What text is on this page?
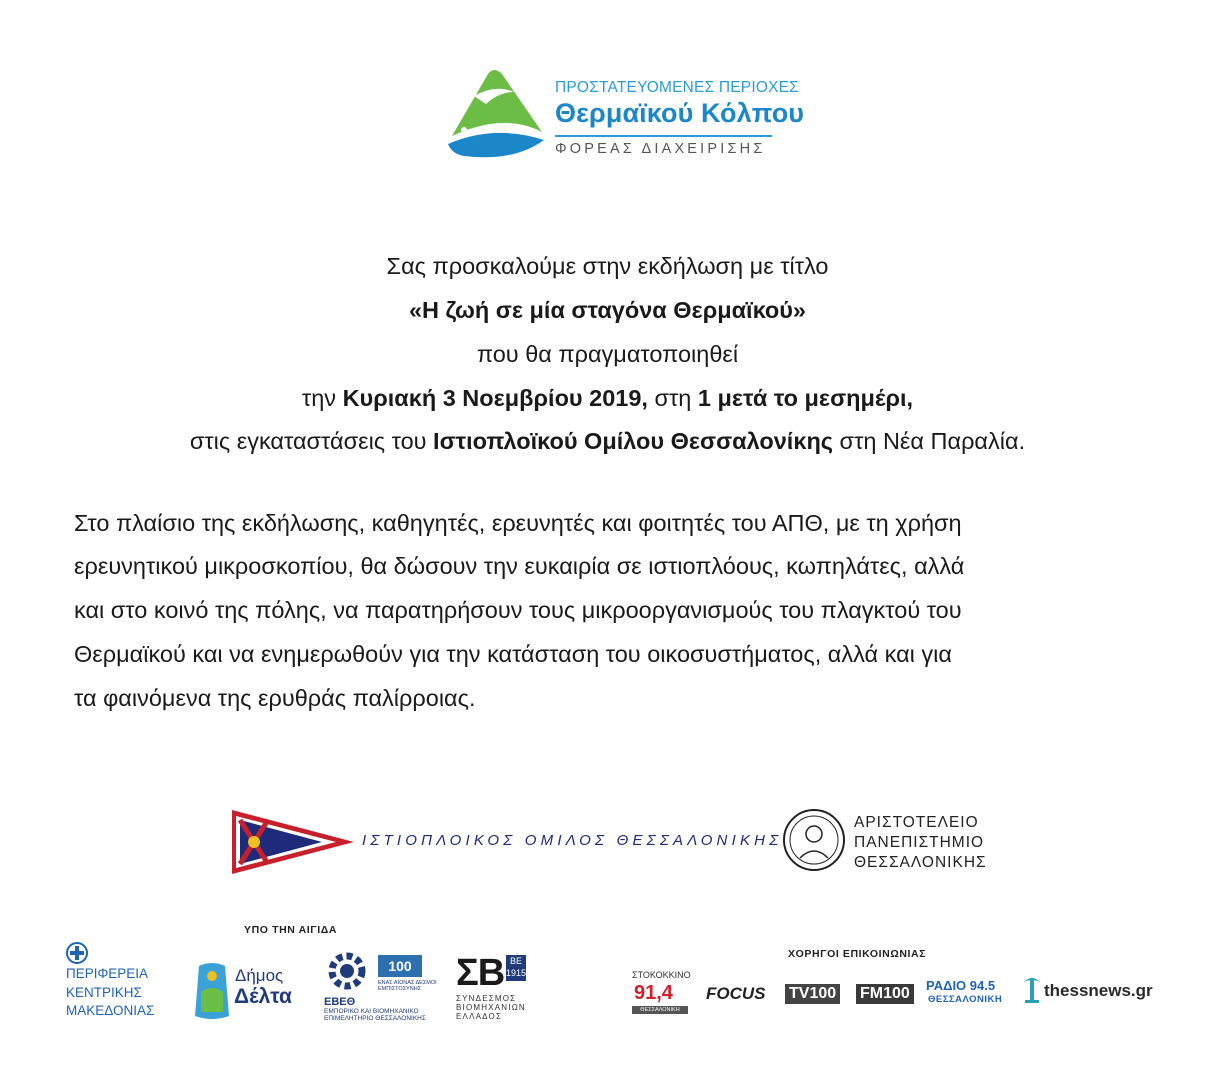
ΠΡΟΣΤΑΤΕΥΟΜΕΝΕΣ ΠΕΡΙΟΧΕΣ
Θερμαϊκού Κόλπου
ΦΟΡΕΑΣ ΔΙΑΧΕΙΡΙΣΗΣ
Σας προσκαλούμε στην εκδήλωση με τίτλο
«Η ζωή σε μία σταγόνα Θερμαϊκού»
που θα πραγματοποιηθεί
την Κυριακή 3 Νοεμβρίου 2019, στη 1 μετά το μεσημέρι,
στις εγκαταστάσεις του Ιστιοπλοϊκού Ομίλου Θεσσαλονίκης στη Νέα Παραλία.
Στο πλαίσιο της εκδήλωσης, καθηγητές, ερευνητές και φοιτητές του ΑΠΘ, με τη χρήση
ερευνητικού μικροσκοπίου, θα δώσουν την ευκαιρία σε ιστιοπλόους, κωπηλάτες, αλλά
και στο κοινό της πόλης, να παρατηρήσουν τους μικροοργανισμούς του πλαγκτού του
Θερμαϊκού και να ενημερωθούν για την κατάσταση του οικοσυστήματος, αλλά και για
τα φαινόμενα της ερυθράς παλίρροιας.
ΙΣΤΙΟΠΛΟΙΚΟΣ ΟΜΙΛΟΣ ΘΕΣΣΑΛΟΝΙΚΗΣ
ΑΡΙΣΤΟΤΕΛΕΙΟ
ΠΑΝΕΠΙΣΤΗΜΙΟ
ΘΕΣΣΑΛΟΝΙΚΗΣ
ΥΠΟ ΤΗΝ ΑΙΓΙΔΑ
ΠΕΡΙΦΕΡΕΙΑ
ΚΕΝΤΡΙΚΗΣ
ΜΑΚΕΔΟΝΙΑΣ
Δήμος
Δέλτα
100
ΕΝΑΣ ΑΙΩΝΑΣ ΔΕΣΜΟΙ ΕΜΠΙΣΤΟΣΥΝΗΣ
ΕΒΕΘ
ΕΜΠΟΡΙΚΟ ΚΑΙ ΒΙΟΜΗΧΑΝΙΚΟ ΕΠΙΜΕΛΗΤΗΡΙΟ ΘΕΣΣΑΛΟΝΙΚΗΣ
ΣΒ ΒΕ 1915
ΣΥΝΔΕΣΜΟΣ ΒΙΟΜΗΧΑΝΙΩΝ ΕΛΛΑΔΟΣ
ΧΟΡΗΓΟΙ ΕΠΙΚΟΙΝΩΝΙΑΣ
ΣΤΟΚΟΚΚΙΝΟ
91,4
ΘΕΣΣΑΛΟΝΙΚΗ
FOCUS TV100 FM100	ΡΑΔΙΟ 94.5
ΘΕΣΣΑΛΟΝΙΚΗ thessnews.gr
